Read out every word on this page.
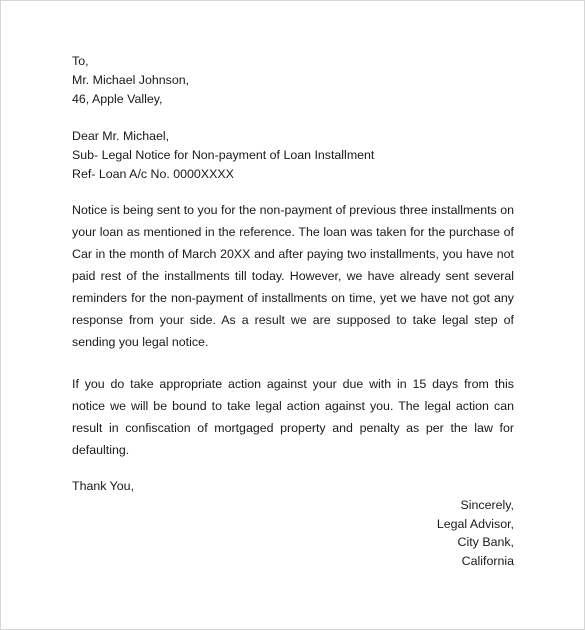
To,
Mr. Michael Johnson,
46, Apple Valley,
Dear Mr. Michael,
Sub- Legal Notice for Non-payment of Loan Installment
Ref- Loan A/c No. 0000XXXX

Notice is being sent to you for the non-payment of previous three installments on your loan as mentioned in the reference. The loan was taken for the purchase of Car in the month of March 20XX and after paying two installments, you have not paid rest of the installments till today. However, we have already sent several reminders for the non-payment of installments on time, yet we have not got any response from your side. As a result we are supposed to take legal step of sending you legal notice.

If you do take appropriate action against your due with in 15 days from this notice we will be bound to take legal action against you. The legal action can result in confiscation of mortgaged property and penalty as per the law for defaulting.

Thank You,
Sincerely,
Legal Advisor,
City Bank,
California
